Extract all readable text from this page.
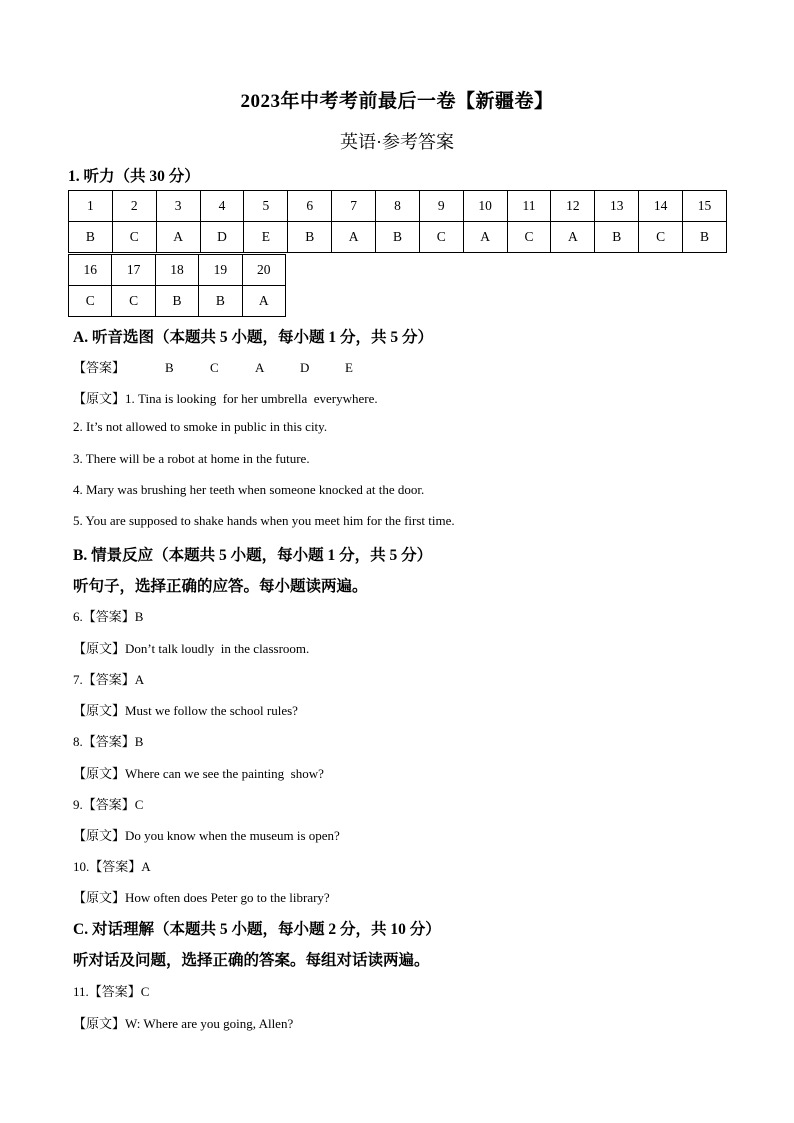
2023年中考考前最后一卷【新疆卷】
英语·参考答案
1. 听力（共 30 分）
1	2	3	4	5	6	7	8	9	10	11	12	13	14	15
B	C	A	D	E	B	A	B	C	A	C	A	B	C	B
16	17	18	19	20
C	C	B	B	A
A. 听音选图（本题共 5 小题，每小题 1 分，共 5 分）
【答案】	B	C	A	D	E
【原文】1. Tina is looking  for her umbrella  everywhere.
2. It’s not allowed to smoke in public in this city.
3. There will be a robot at home in the future.
4. Mary was brushing her teeth when someone knocked at the door.
5. You are supposed to shake hands when you meet him for the first time.
B. 情景反应（本题共 5 小题，每小题 1 分，共 5 分）
听句子，选择正确的应答。每小题读两遍。
6.【答案】B
【原文】Don’t talk loudly  in the classroom.
7.【答案】A
【原文】Must we follow the school rules?
8.【答案】B
【原文】Where can we see the painting  show?
9.【答案】C
【原文】Do you know when the museum is open?
10.【答案】A
【原文】How often does Peter go to the library?
C. 对话理解（本题共 5 小题，每小题 2 分，共 10 分）
听对话及问题，选择正确的答案。每组对话读两遍。
11.【答案】C
【原文】W: Where are you going, Allen?
